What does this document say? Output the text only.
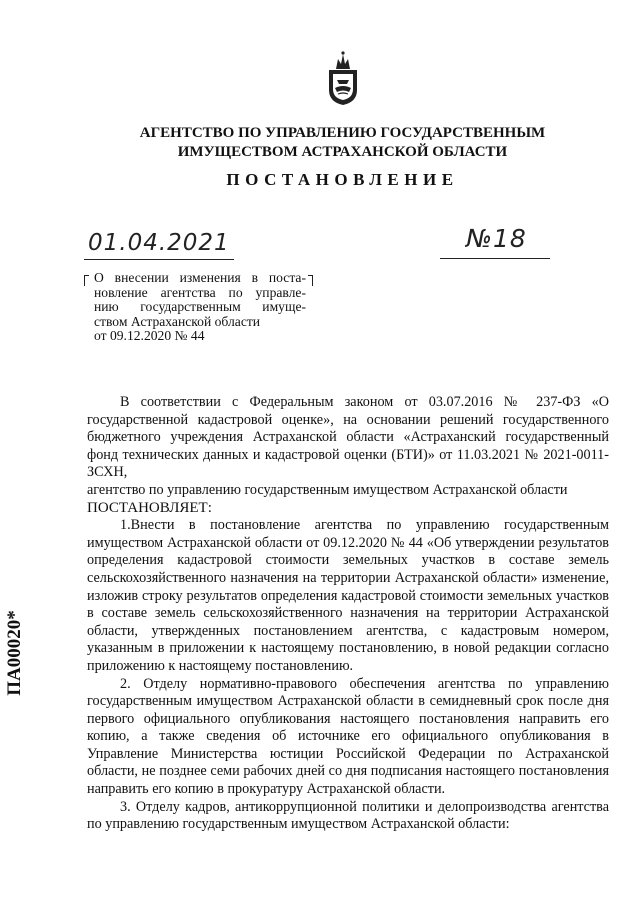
АГЕНТСТВО ПО УПРАВЛЕНИЮ ГОСУДАРСТВЕННЫМ
ИМУЩЕСТВОМ АСТРАХАНСКОЙ ОБЛАСТИ
ПОСТАНОВЛЕНИЕ
01.04.2021	№18
О внесении изменения в поста-
новление агентства по управле-
нию государственным имуще-
ством Астраханской области
от 09.12.2020 № 44

В соответствии с Федеральным законом от 03.07.2016 № 237-ФЗ «О государственной кадастровой оценке», на основании решений государственного бюджетного учреждения Астраханской области «Астраханский государственный фонд технических данных и кадастровой оценки (БТИ)» от 11.03.2021 № 2021-0011-ЗСХН,

агентство по управлению государственным имуществом Астраханской области

ПОСТАНОВЛЯЕТ:

1.Внести в постановление агентства по управлению государственным имуществом Астраханской области от 09.12.2020 № 44 «Об утверждении результатов определения кадастровой стоимости земельных участков в составе земель сельскохозяйственного назначения на территории Астраханской области» изменение, изложив строку результатов определения кадастровой стоимости земельных участков в составе земель сельскохозяйственного назначения на территории Астраханской области, утвержденных постановлением агентства, с кадастровым номером, указанным в приложении к настоящему постановлению, в новой редакции согласно приложению к настоящему постановлению.

2. Отделу нормативно-правового обеспечения агентства по управлению государственным имуществом Астраханской области в семидневный срок после дня первого официального опубликования настоящего постановления направить его копию, а также сведения об источнике его официального опубликования в Управление Министерства юстиции Российской Федерации по Астраханской области, не позднее семи рабочих дней со дня подписания настоящего постановления направить его копию в прокуратуру Астраханской области.

3. Отделу кадров, антикоррупционной политики и делопроизводства агентства по управлению государственным имуществом Астраханской области:

ПА00020*
